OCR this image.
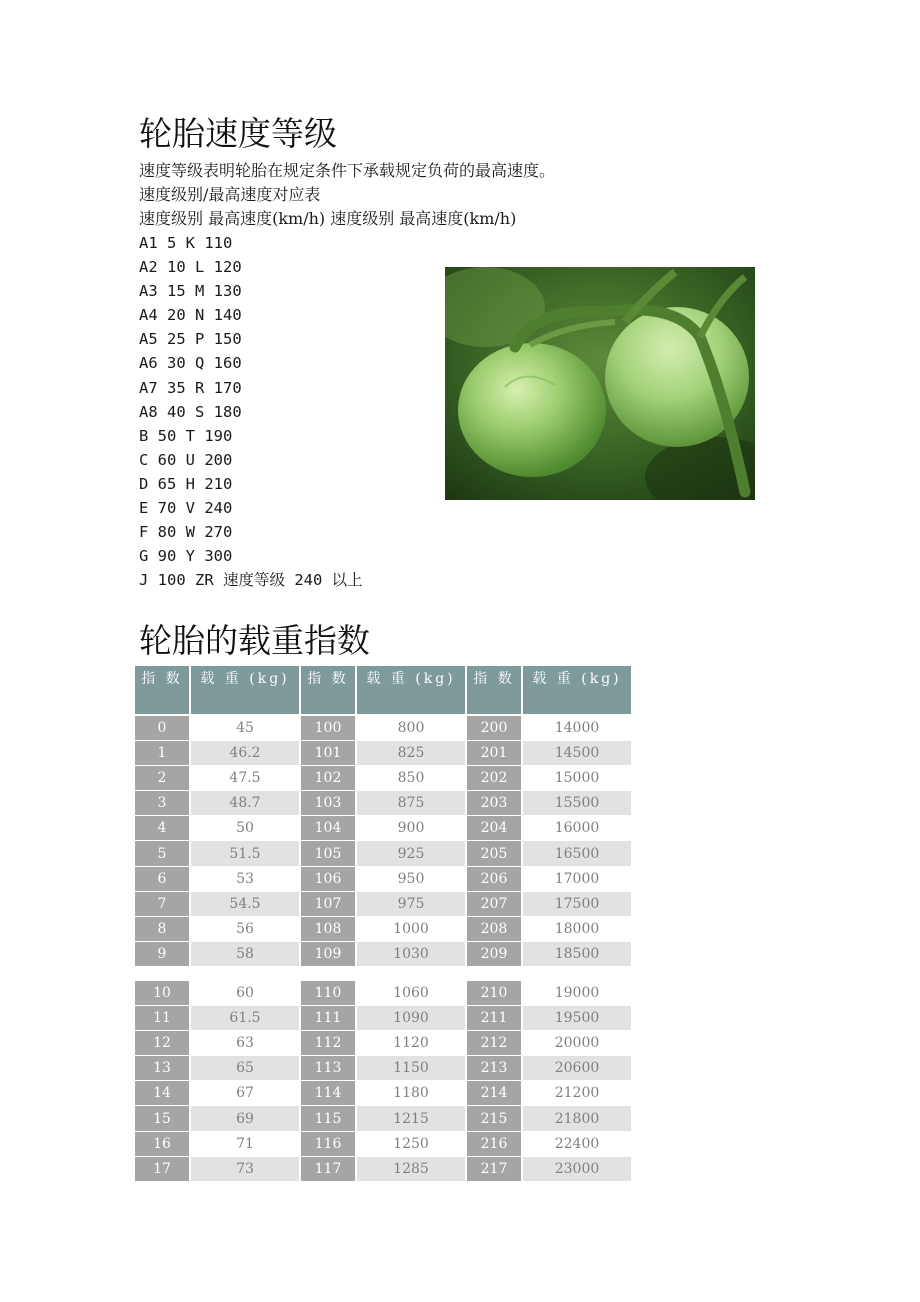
轮胎速度等级

速度等级表明轮胎在规定条件下承载规定负荷的最高速度。
速度级别/最高速度对应表
速度级别 最高速度(km/h) 速度级别 最高速度(km/h)

A1 5 K 110
A2 10 L 120
A3 15 M 130
A4 20 N 140
A5 25 P 150
A6 30 Q 160
A7 35 R 170
A8 40 S 180
B 50 T 190
C 60 U 200
D 65 H 210
E 70 V 240
F 80 W 270
G 90 Y 300
J 100 ZR 速度等级 240 以上
轮胎的载重指数
指 数	载 重 (kg)	指 数	载 重 (kg)	指 数	载 重 (kg)

0	45	100	800	200	14000
1	46.2	101	825	201	14500
2	47.5	102	850	202	15000
3	48.7	103	875	203	15500
4	50	104	900	204	16000
5	51.5	105	925	205	16500
6	53	106	950	206	17000
7	54.5	107	975	207	17500
8	56	108	1000	208	18000
9	58	109	1030	209	18500
10	60	110	1060	210	19000
11	61.5	111	1090	211	19500
12	63	112	1120	212	20000
13	65	113	1150	213	20600
14	67	114	1180	214	21200
15	69	115	1215	215	21800
16	71	116	1250	216	22400
17	73	117	1285	217	23000
